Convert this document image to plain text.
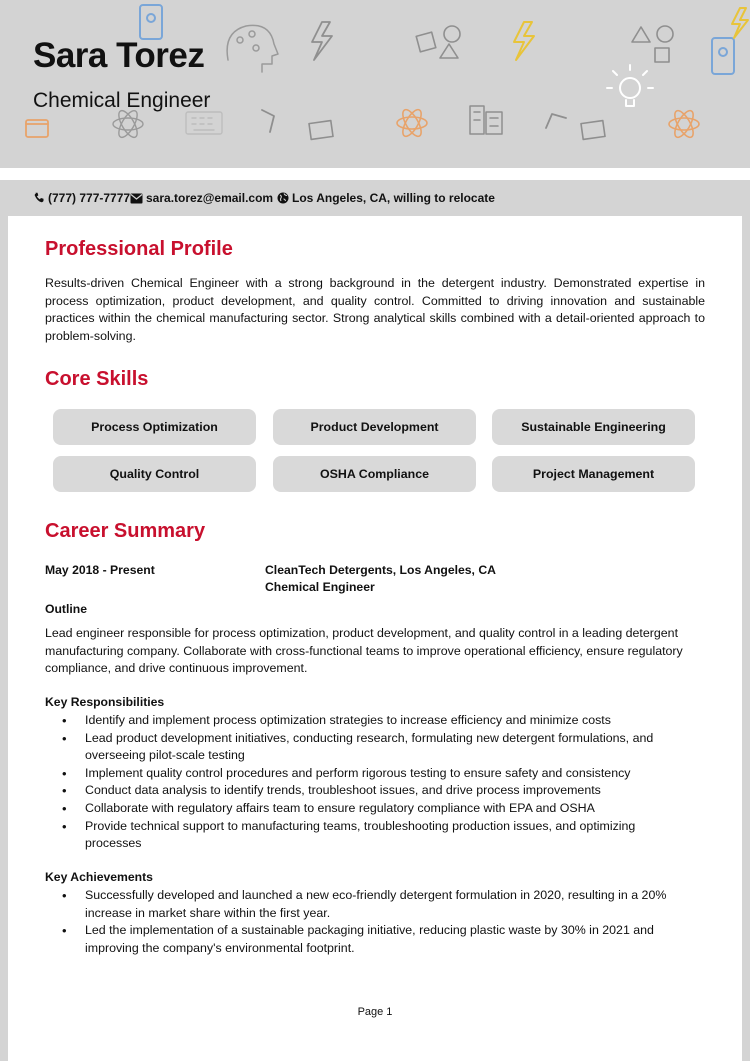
Sara Torez
Chemical Engineer
(777) 777-7777 sara.torez@email.com Los Angeles, CA, willing to relocate
Professional Profile
Results-driven Chemical Engineer with a strong background in the detergent industry. Demonstrated expertise in process optimization, product development, and quality control. Committed to driving innovation and sustainable practices within the chemical manufacturing sector. Strong analytical skills combined with a detail-oriented approach to problem-solving.
Core Skills
Process Optimization	Product Development	Sustainable Engineering
Quality Control	OSHA Compliance	Project Management
Career Summary
May 2018 - Present	CleanTech Detergents, Los Angeles, CA
Chemical Engineer
Outline
Lead engineer responsible for process optimization, product development, and quality control in a leading detergent manufacturing company. Collaborate with cross-functional teams to improve operational efficiency, ensure regulatory compliance, and drive continuous improvement.
Key Responsibilities
• Identify and implement process optimization strategies to increase efficiency and minimize costs
• Lead product development initiatives, conducting research, formulating new detergent formulations, and overseeing pilot-scale testing
• Implement quality control procedures and perform rigorous testing to ensure safety and consistency
• Conduct data analysis to identify trends, troubleshoot issues, and drive process improvements
• Collaborate with regulatory affairs team to ensure regulatory compliance with EPA and OSHA
• Provide technical support to manufacturing teams, troubleshooting production issues, and optimizing processes
Key Achievements
• Successfully developed and launched a new eco-friendly detergent formulation in 2020, resulting in a 20% increase in market share within the first year.
• Led the implementation of a sustainable packaging initiative, reducing plastic waste by 30% in 2021 and improving the company's environmental footprint.
Page 1
